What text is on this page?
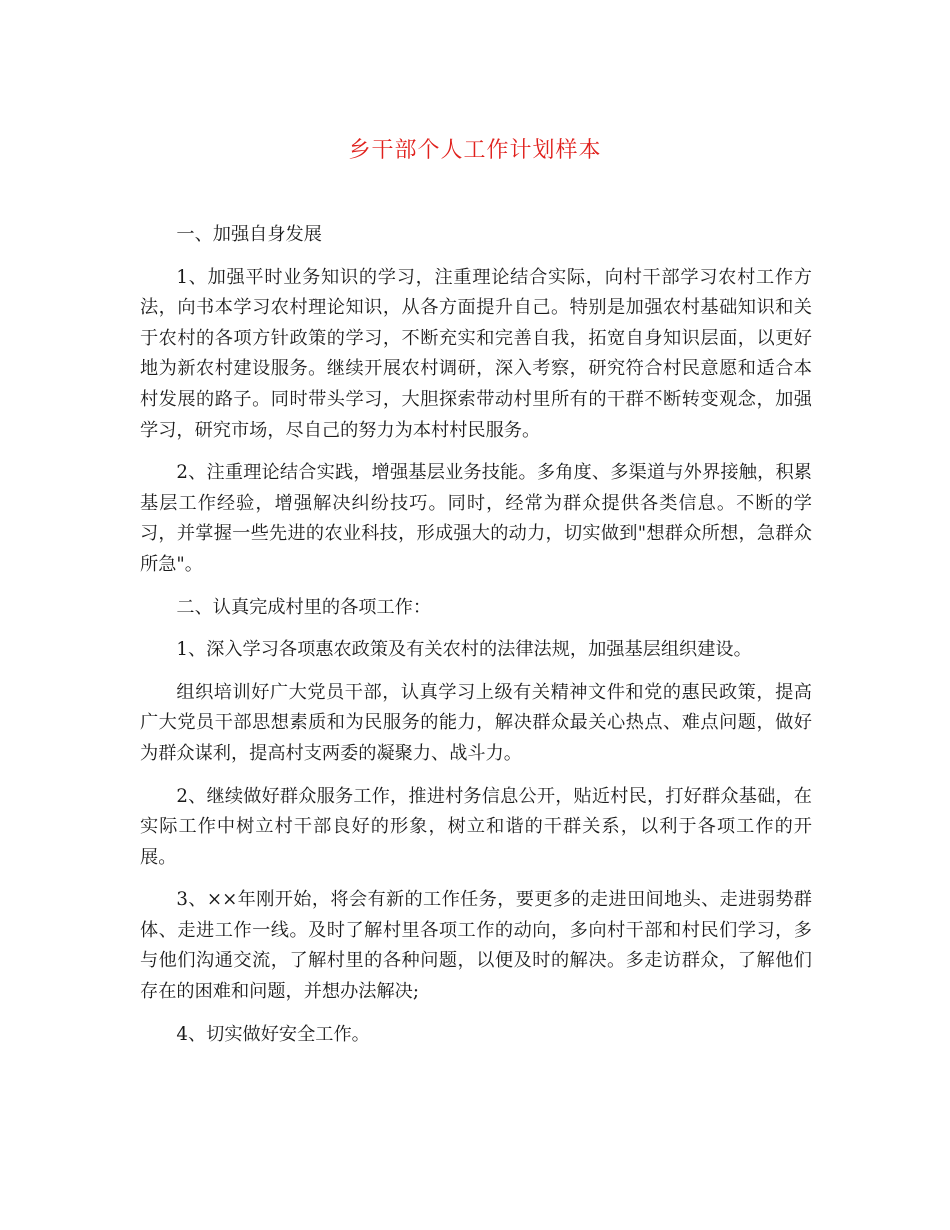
乡干部个人工作计划样本

一、加强自身发展

1、加强平时业务知识的学习，注重理论结合实际，向村干部学习农村工作方法，向书本学习农村理论知识，从各方面提升自己。特别是加强农村基础知识和关于农村的各项方针政策的学习，不断充实和完善自我，拓宽自身知识层面，以更好地为新农村建设服务。继续开展农村调研，深入考察，研究符合村民意愿和适合本村发展的路子。同时带头学习，大胆探索带动村里所有的干群不断转变观念，加强学习，研究市场，尽自己的努力为本村村民服务。

2、注重理论结合实践，增强基层业务技能。多角度、多渠道与外界接触，积累基层工作经验，增强解决纠纷技巧。同时，经常为群众提供各类信息。不断的学习，并掌握一些先进的农业科技，形成强大的动力，切实做到"想群众所想，急群众所急"。

二、认真完成村里的各项工作：

1、深入学习各项惠农政策及有关农村的法律法规，加强基层组织建设。

组织培训好广大党员干部，认真学习上级有关精神文件和党的惠民政策，提高广大党员干部思想素质和为民服务的能力，解决群众最关心热点、难点问题，做好为群众谋利，提高村支两委的凝聚力、战斗力。

2、继续做好群众服务工作，推进村务信息公开，贴近村民，打好群众基础，在实际工作中树立村干部良好的形象，树立和谐的干群关系，以利于各项工作的开展。

3、××年刚开始，将会有新的工作任务，要更多的走进田间地头、走进弱势群体、走进工作一线。及时了解村里各项工作的动向，多向村干部和村民们学习，多与他们沟通交流，了解村里的各种问题，以便及时的解决。多走访群众，了解他们存在的困难和问题，并想办法解决;

4、切实做好安全工作。
